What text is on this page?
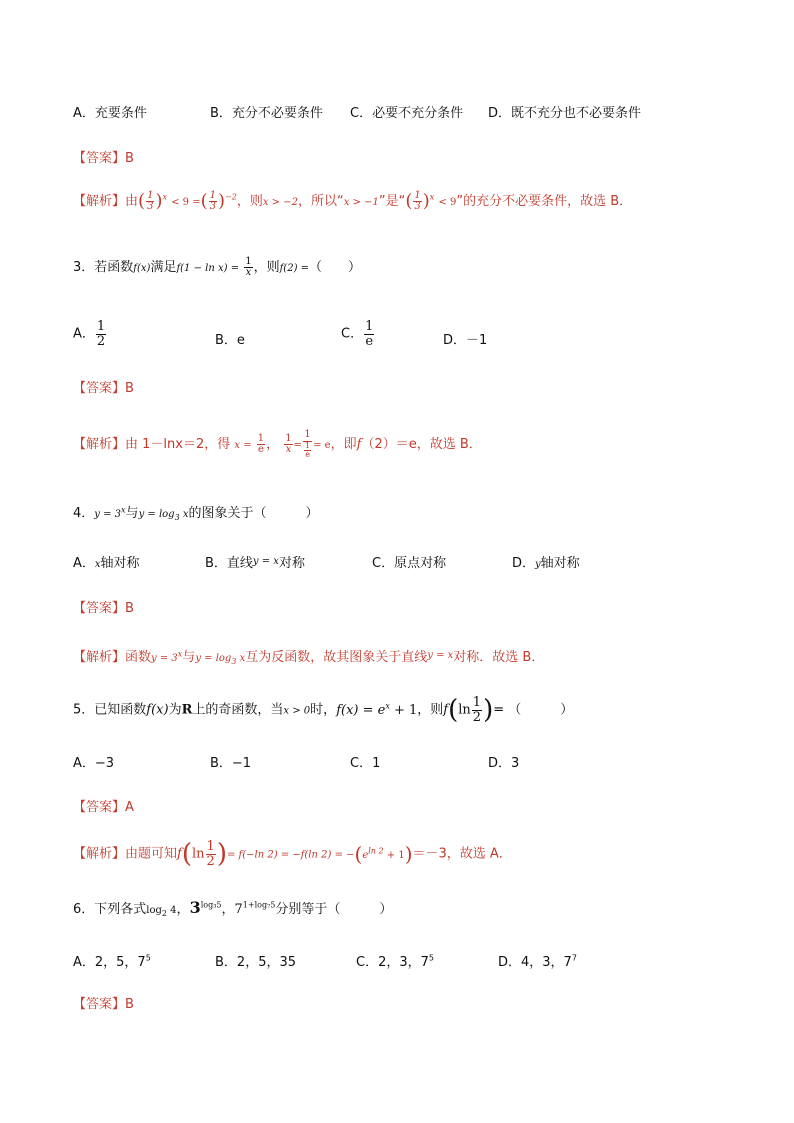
A．充要条件	B．充分不必要条件 C．必要不充分条件 D．既不充分也不必要条件
【答案】B
【解析】由( $\frac{1}{3} )^x < 9$ =( $\frac{1}{3} )^{-2}$，则x > −2，所以“x > −1”是“( $\frac{1}{3} )^x < 9$”的充分不必要条件，故选 B．
3．若函数f(x)满足$f(1 - \ln x) = \frac{1}{x}$ ，则f(2) =（　　）
A． $\frac{1}{2}$	B．e	C． $\frac{1}{e}$	D．－1
【答案】B
【解析】由 1－lnx＝2，得 $x = \frac{1}{e}$ ， $\frac{1}{x} = 1$
1
e = e，即f（2）＝e，故选 B．
4．$y = 3^x$与$y = \log_3 x$的图象关于（　　　）
A．x轴对称	B．直线$^{y = x}$对称	C．原点对称	D．y轴对称
【答案】B
【解析】函数$y = 3^x$与$y = \log_3 x$互为反函数，故其图象关于直线$^{y = x}$对称．故选 B．
5．已知函数f(x)为R上的奇函数，当x > 0时，$f(x) = e^x + 1$，则$f(\ln \frac{1}{2}$ )= （　　　）
A．−3	B．−1	C．1	D．3
【答案】A
【解析】由题可知$f(\ln \frac{1}{2}$ )= f(−ln 2) = −f(ln $2) = -(e^{ln 2} + 1)=-3$，故选 A．
6．下列各式$\log_2 4$，$3^{log_35}$，$7^{1+log_75}$分别等于（　　　）
A．2，5，$7^5$	B．2，5，35	C．2，3，$7^5$	D．4，3，$7^7$
【答案】B
